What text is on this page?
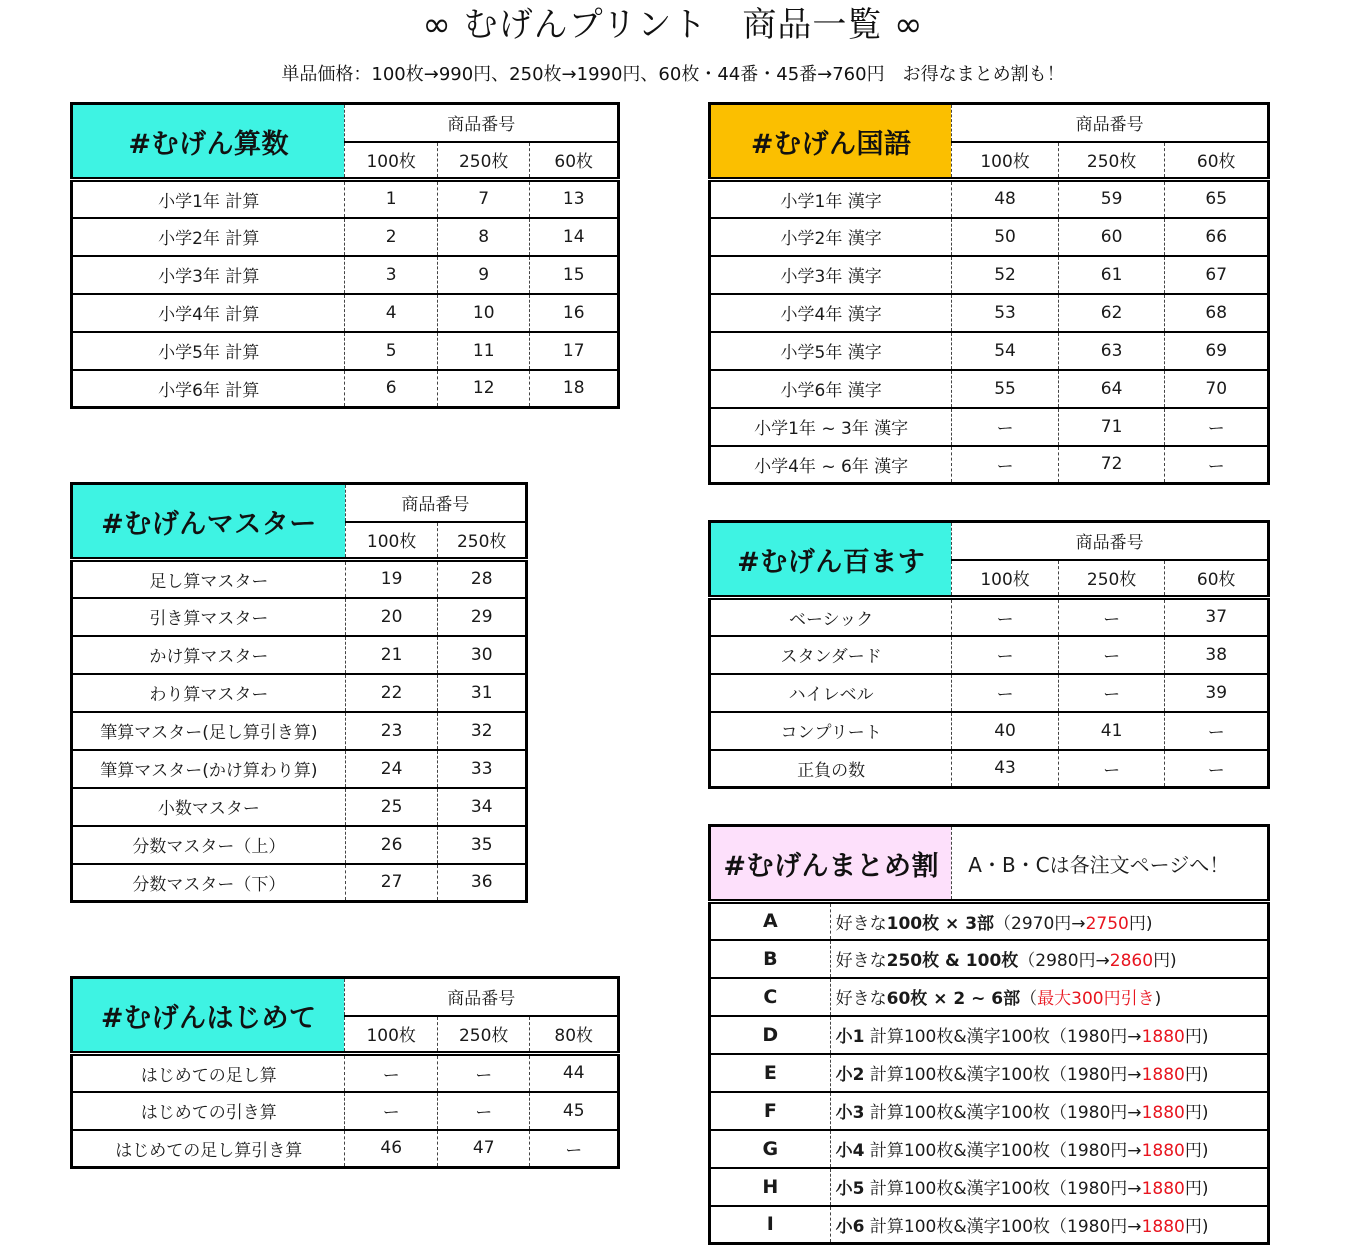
∞ むげんプリント　商品一覧 ∞
単品価格：100枚→990円、250枚→1990円、60枚・44番・45番→760円　お得なまとめ割も！
#むげん算数	商品番号		
	100枚	250枚	60枚
小学1年 計算	1	7	13
小学2年 計算	2	8	14
小学3年 計算	3	9	15
小学4年 計算	4	10	16
小学5年 計算	5	11	17
小学6年 計算	6	12	18
#むげん国語	商品番号		
	100枚	250枚	60枚
小学1年 漢字	48	59	65
小学2年 漢字	50	60	66
小学3年 漢字	52	61	67
小学4年 漢字	53	62	68
小学5年 漢字	54	63	69
小学6年 漢字	55	64	70
小学1年 ~ 3年 漢字	ー	71	ー
小学4年 ~ 6年 漢字	ー	72	ー
#むげんマスター	商品番号	
	100枚	250枚
足し算マスター	19	28
引き算マスター	20	29
かけ算マスター	21	30
わり算マスター	22	31
筆算マスター(足し算引き算)	23	32
筆算マスター(かけ算わり算)	24	33
小数マスター	25	34
分数マスター（上）	26	35
分数マスター（下）	27	36
#むげん百ます	商品番号		
	100枚	250枚	60枚
ベーシック	ー	ー	37
スタンダード	ー	ー	38
ハイレベル	ー	ー	39
コンプリート	40	41	ー
正負の数	43	ー	ー
#むげんはじめて	商品番号		
	100枚	250枚	80枚
はじめての足し算	ー	ー	44
はじめての引き算	ー	ー	45
はじめての足し算引き算	46	47	ー
#むげんまとめ割		A・B・Cは各注文ページへ！
A	好きな100枚 × 3部（2970円→2750円)	
B	好きな250枚 & 100枚（2980円→2860円)	
C	好きな60枚 × 2 ~ 6部（最大300円引き)	
D	小1 計算100枚&漢字100枚（1980円→1880円)	
E	小2 計算100枚&漢字100枚（1980円→1880円)	
F	小3 計算100枚&漢字100枚（1980円→1880円)	
G	小4 計算100枚&漢字100枚（1980円→1880円)	
H	小5 計算100枚&漢字100枚（1980円→1880円)	
I	小6 計算100枚&漢字100枚（1980円→1880円)	
